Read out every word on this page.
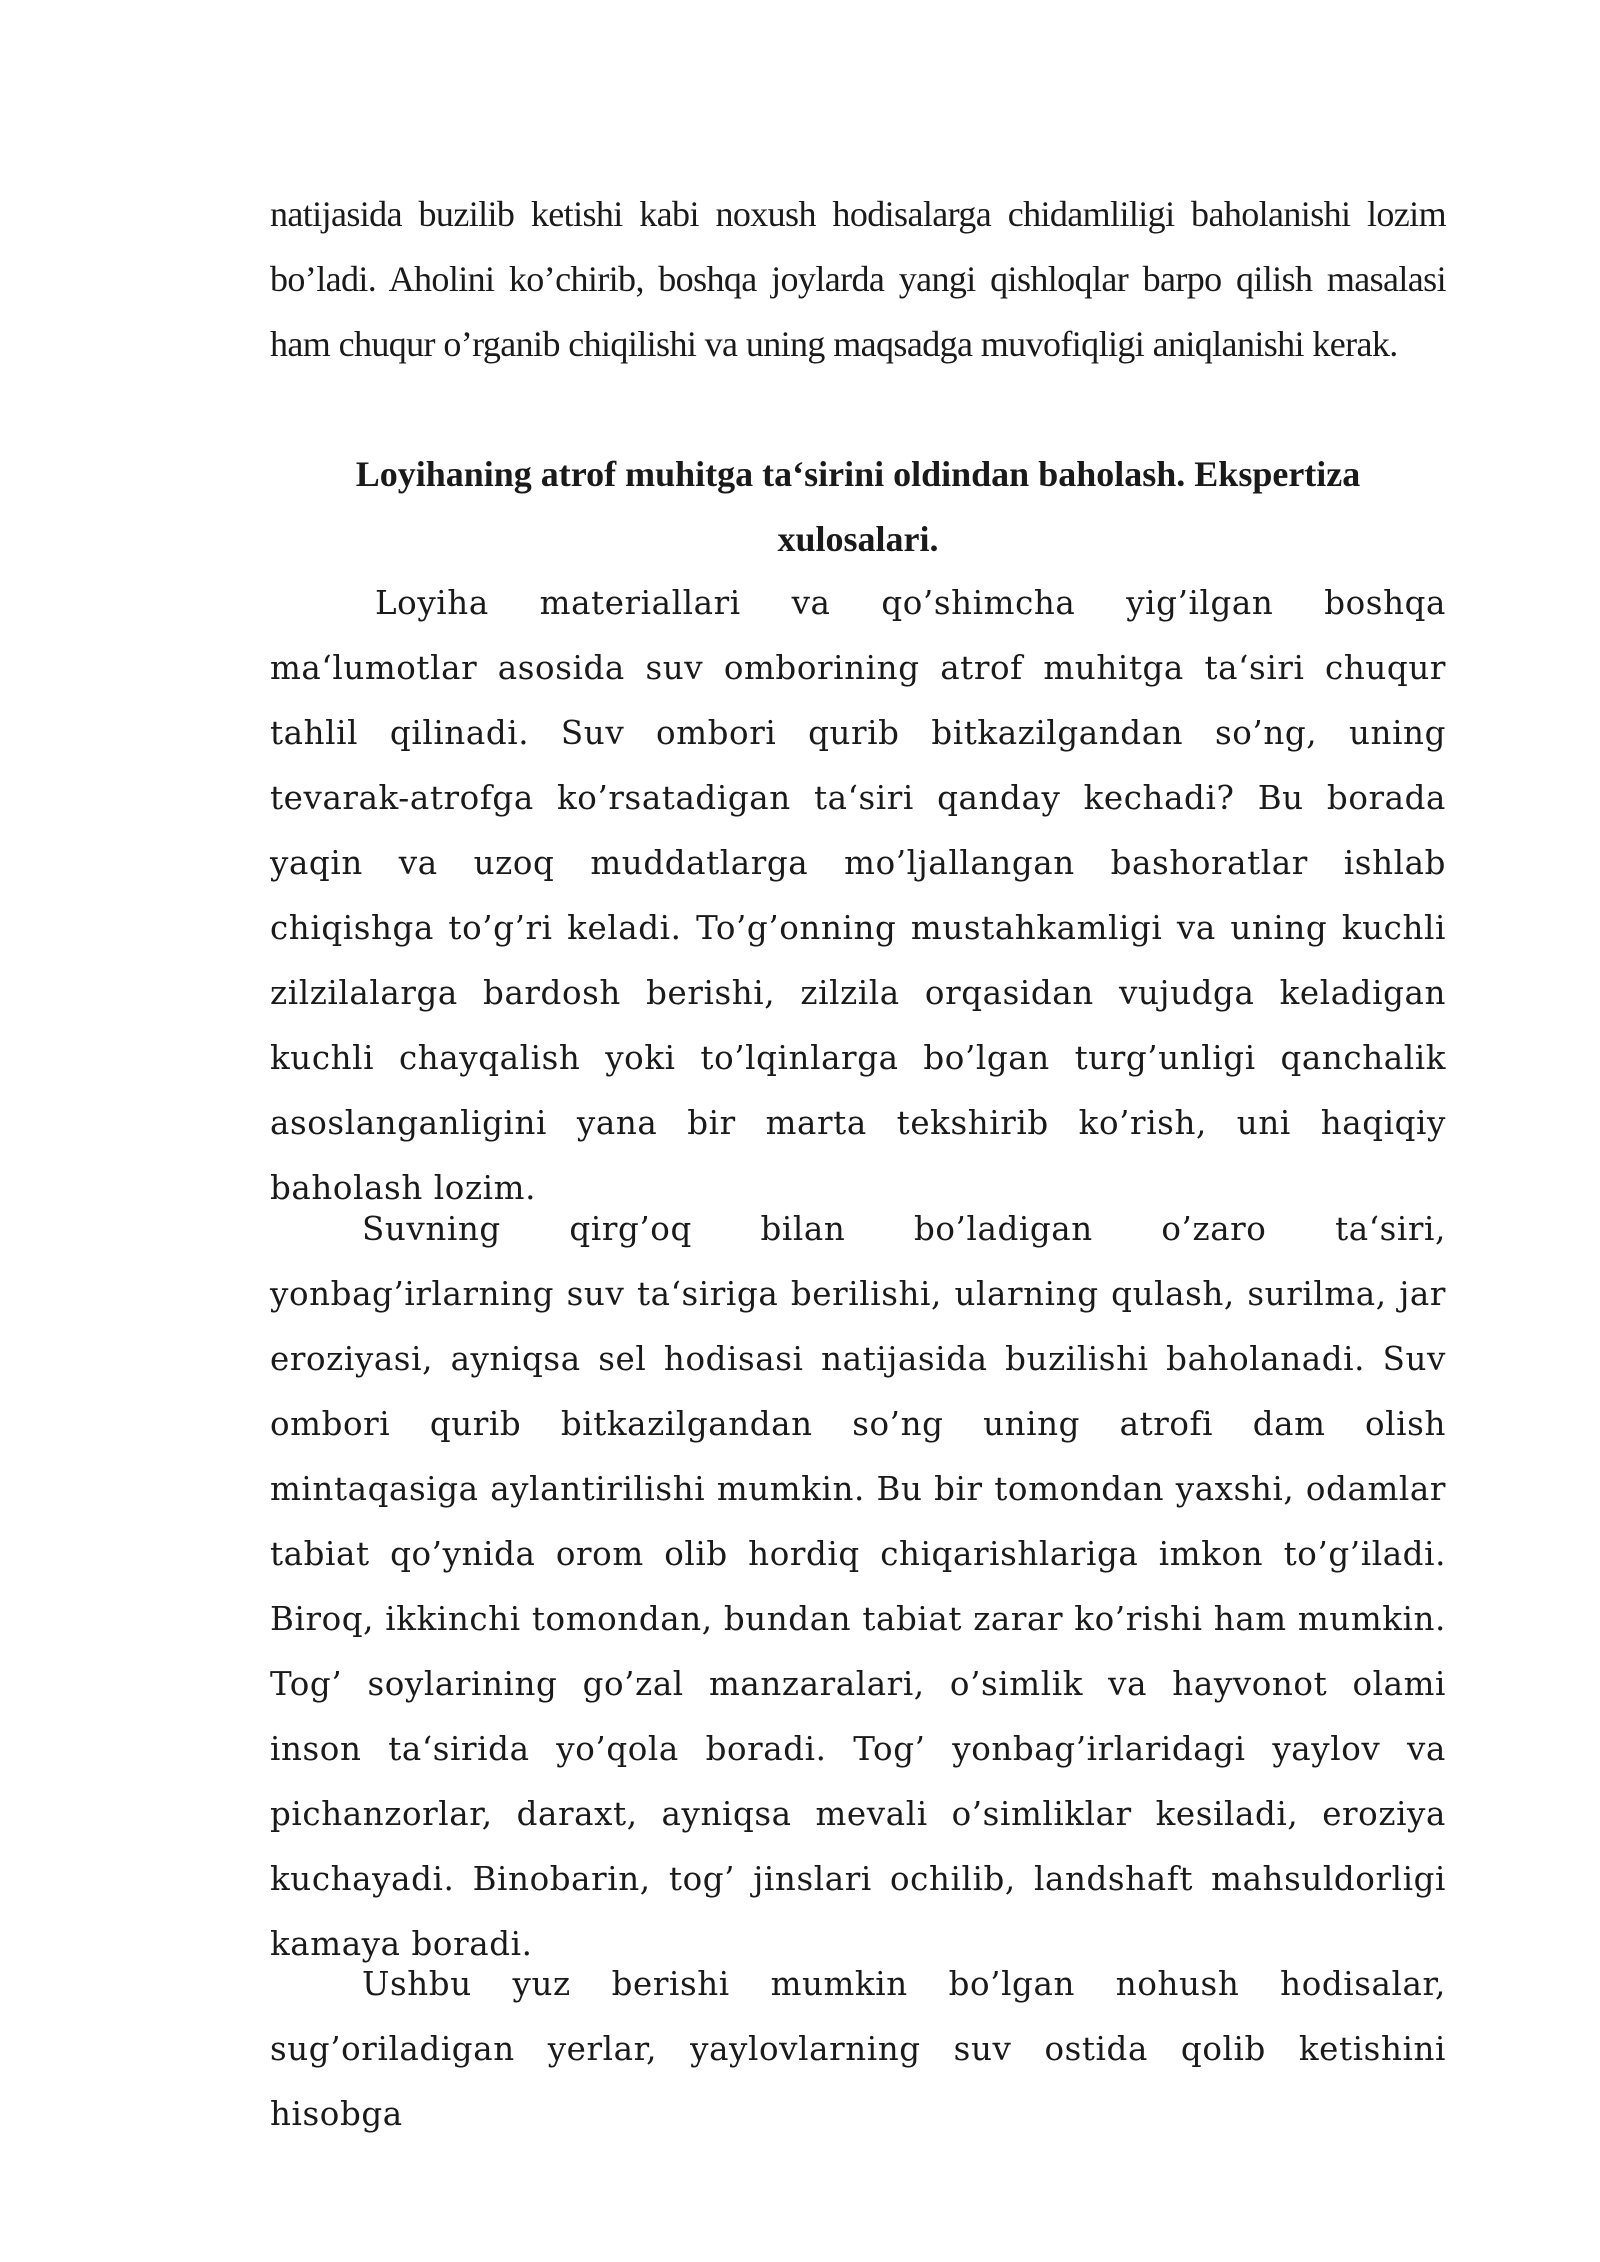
natijasida buzilib ketishi kabi noxush hodisalarga chidamliligi baholanishi lozim bo’ladi. Aholini ko’chirib, boshqa joylarda yangi qishloqlar barpo qilish masalasi ham chuqur o’rganib chiqilishi va uning maqsadga muvofiqligi aniqlanishi kerak.

Loyihaning atrof muhitga ta‘sirini oldindan baholash. Ekspertiza

xulosalari.

Loyiha materiallari va qo’shimcha yig’ilgan boshqa ma‘lumotlar asosida suv omborining atrof muhitga ta‘siri chuqur tahlil qilinadi. Suv ombori qurib bitkazilgandan so’ng, uning tevarak-atrofga ko’rsatadigan ta‘siri qanday kechadi? Bu borada yaqin va uzoq muddatlarga mo’ljallangan bashoratlar ishlab chiqishga to’g’ri keladi. To’g’onning mustahkamligi va uning kuchli zilzilalarga bardosh berishi, zilzila orqasidan vujudga keladigan kuchli chayqalish yoki to’lqinlarga bo’lgan turg’unligi qanchalik asoslanganligini yana bir marta tekshirib ko’rish, uni haqiqiy baholash lozim.

Suvning qirg’oq bilan bo’ladigan o’zaro ta‘siri, yonbag’irlarning suv ta‘siriga berilishi, ularning qulash, surilma, jar eroziyasi, ayniqsa sel hodisasi natijasida buzilishi baholanadi. Suv ombori qurib bitkazilgandan so’ng uning atrofi dam olish mintaqasiga aylantirilishi mumkin. Bu bir tomondan yaxshi, odamlar tabiat qo’ynida orom olib hordiq chiqarishlariga imkon to’g’iladi. Biroq, ikkinchi tomondan, bundan tabiat zarar ko’rishi ham mumkin. Tog’ soylarining go’zal manzaralari, o’simlik va hayvonot olami inson ta‘sirida yo’qola boradi. Tog’ yonbag’irlaridagi yaylov va pichanzorlar, daraxt, ayniqsa mevali o’simliklar kesiladi, eroziya kuchayadi. Binobarin, tog’ jinslari ochilib, landshaft mahsuldorligi kamaya boradi.

Ushbu yuz berishi mumkin bo’lgan nohush hodisalar, sug’oriladigan yerlar, yaylovlarning suv ostida qolib ketishini hisobga
